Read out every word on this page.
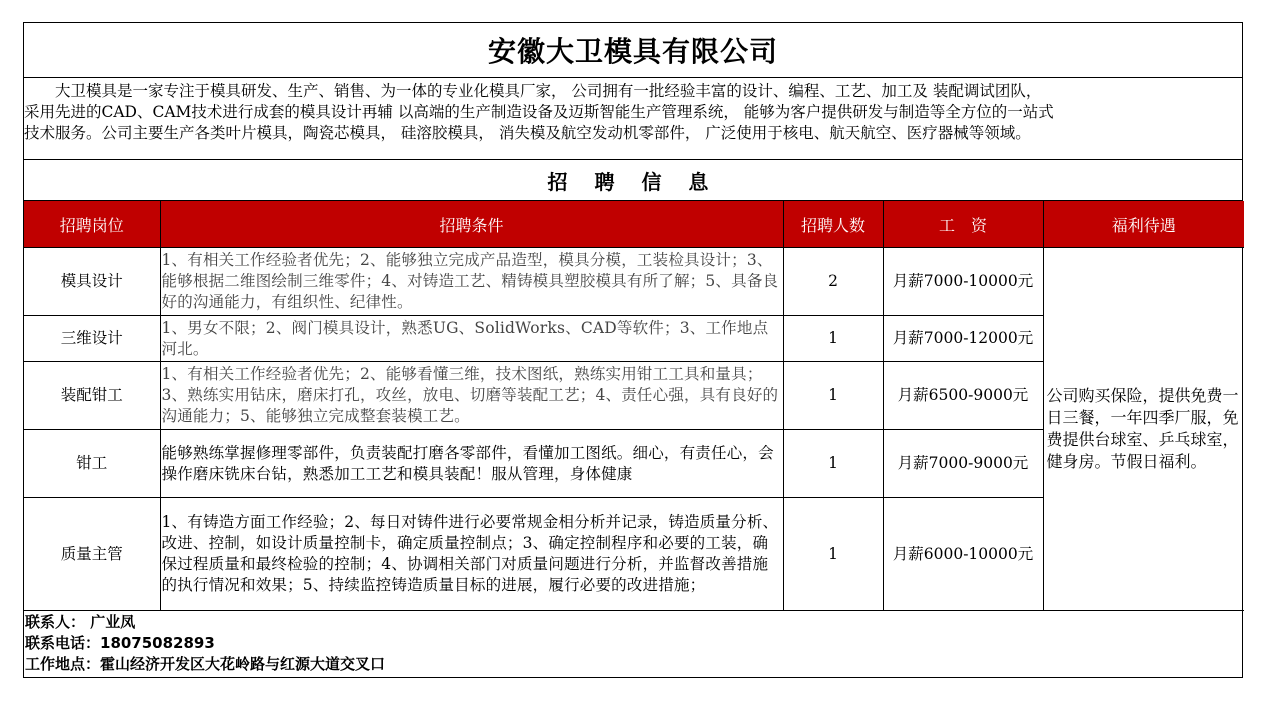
安徽大卫模具有限公司
　　大卫模具是一家专注于模具研发、生产、销售、为一体的专业化模具厂家， 公司拥有一批经验丰富的设计、编程、工艺、加工及 装配调试团队，
采用先进的CAD、CAM技术进行成套的模具设计再辅 以高端的生产制造设备及迈斯智能生产管理系统， 能够为客户提供研发与制造等全方位的一站式
技术服务。公司主要生产各类叶片模具，陶瓷芯模具， 硅溶胶模具， 消失模及航空发动机零部件， 广泛使用于核电、航天航空、医疗器械等领域。
招 聘 信 息
招聘岗位	招聘条件	招聘人数	工　资	福利待遇
模具设计	1、有相关工作经验者优先；2、能够独立完成产品造型，模具分模，工装检具设计；3、能够根据二维图绘制三维零件；4、对铸造工艺、精铸模具塑胶模具有所了解；5、具备良好的沟通能力，有组织性、纪律性。	2	月薪7000-10000元	公司购买保险，提供免费一日三餐，一年四季厂服，免费提供台球室、乒乓球室，健身房。节假日福利。
三维设计	1、男女不限；2、阀门模具设计，熟悉UG、SolidWorks、CAD等软件；3、工作地点河北。	1	月薪7000-12000元	
装配钳工	1、有相关工作经验者优先；2、能够看懂三维，技术图纸，熟练实用钳工工具和量具；3、熟练实用钻床，磨床打孔，攻丝，放电、切磨等装配工艺；4、责任心强，具有良好的沟通能力；5、能够独立完成整套装模工艺。	1	月薪6500-9000元	
钳工	能够熟练掌握修理零部件，负责装配打磨各零部件，看懂加工图纸。细心，有责任心，会操作磨床铣床台钻，熟悉加工工艺和模具装配！服从管理，身体健康	1	月薪7000-9000元	
质量主管	1、有铸造方面工作经验；2、每日对铸件进行必要常规金相分析并记录，铸造质量分析、改进、控制，如设计质量控制卡，确定质量控制点；3、确定控制程序和必要的工装，确保过程质量和最终检验的控制；4、协调相关部门对质量问题进行分析，并监督改善措施的执行情况和效果；5、持续监控铸造质量目标的进展，履行必要的改进措施；	1	月薪6000-10000元	
联系人： 广业凤
联系电话：18075082893
工作地点：霍山经济开发区大花岭路与红源大道交叉口
